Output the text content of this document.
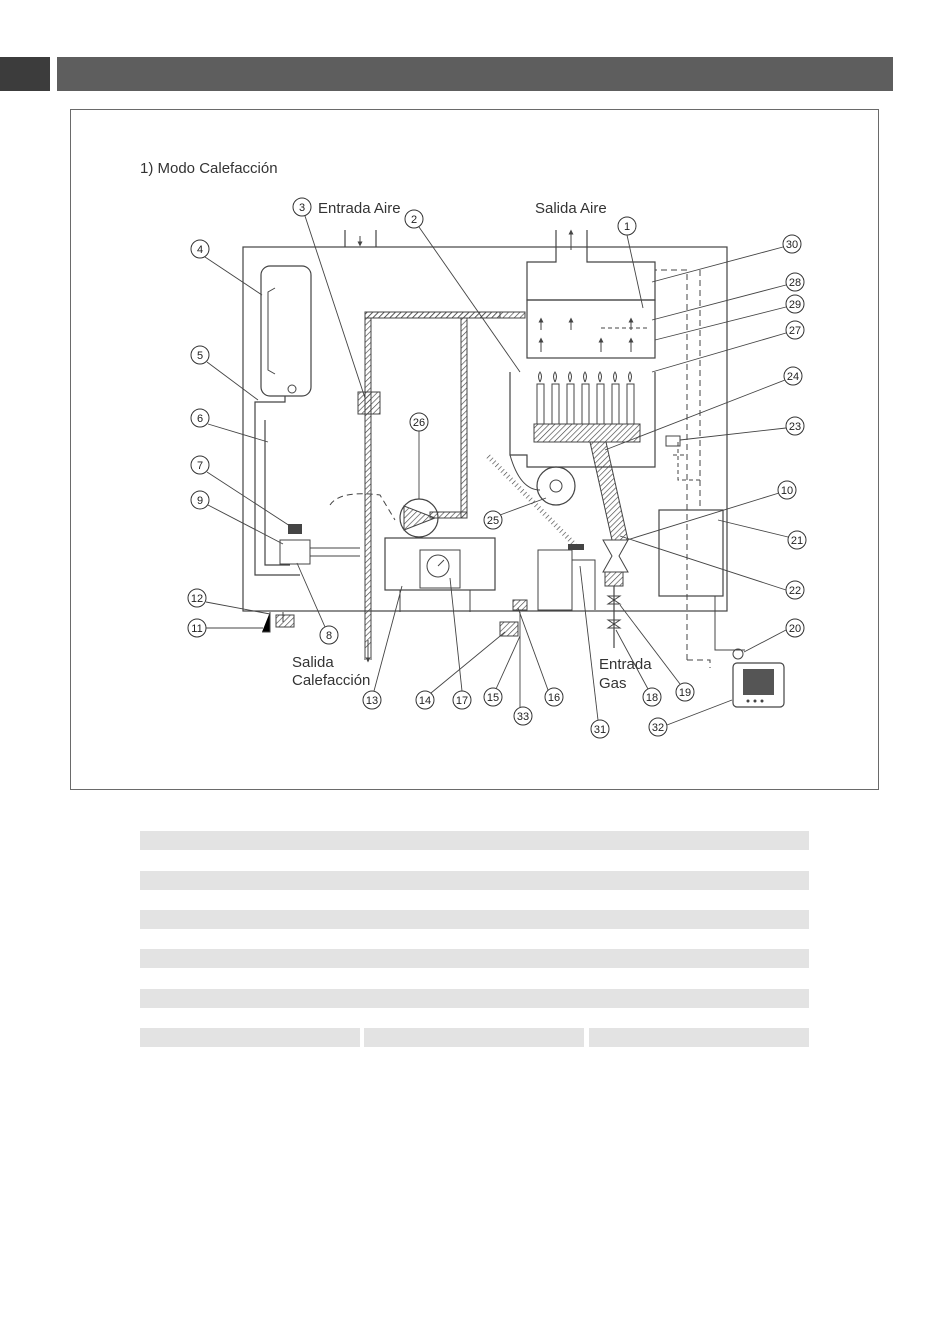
1) Modo Calefacción
Entrada Aire	Salida Aire
Salida
Calefacción
Entrada
Gas
1
2
3
4
5
6
7
8
9
10
11
12
13	14	15	16
17	18 19
20
21
22
23
24
25
26
27
28
29
30
31	32
33
